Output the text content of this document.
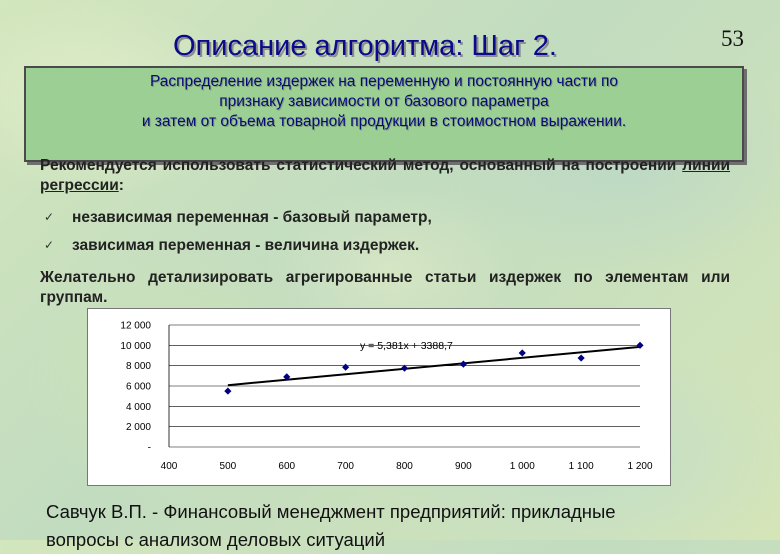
Описание алгоритма: Шаг 2.	53
Распределение издержек на переменную и постоянную части по
признаку зависимости от базового параметра
и затем от объема товарной продукции в стоимостном выражении.
Рекомендуется использовать статистический метод, основанный на построении линии регрессии:
✓ независимая переменная - базовый параметр,
✓ зависимая переменная - величина издержек.
Желательно детализировать агрегированные статьи издержек по элементам или группам.
-
2 000
4 000
6 000
8 000
10 000
12 000
400	500	600	700	800	900	1 000	1 100	1 200
y = 5,381x + 3388,7
Савчук В.П. - Финансовый менеджмент предприятий: прикладные
вопросы с анализом деловых ситуаций
